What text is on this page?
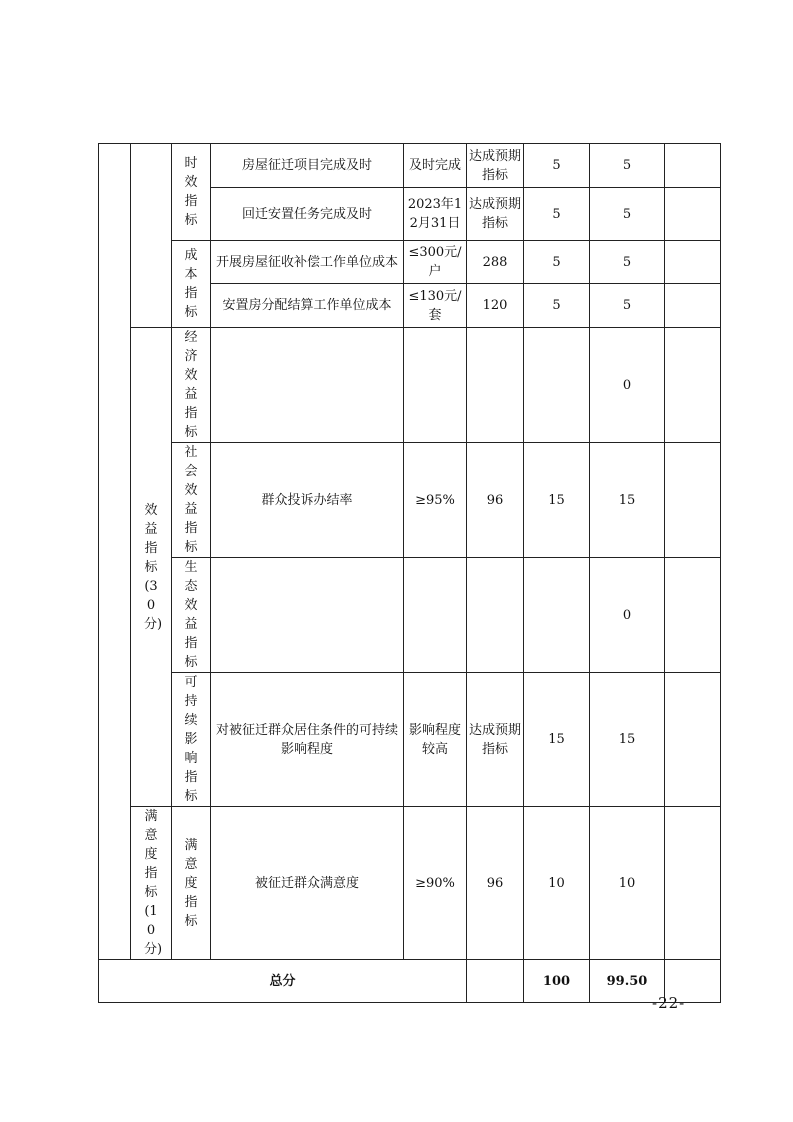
		时效指标	房屋征迁项目完成及时	及时完成	达成预期指标	5	5	
			回迁安置任务完成及时	2023年12月31日	达成预期指标	5	5	
		成本指标	开展房屋征收补偿工作单位成本	≤300元/户	288	5	5	
			安置房分配结算工作单位成本	≤130元/套	120	5	5	
	效益指标(30分)	经济效益指标					0	
		社会效益指标	群众投诉办结率	≥95%	96	15	15	
		生态效益指标					0	
		可持续影响指标	对被征迁群众居住条件的可持续影响程度	影响程度较高	达成预期指标	15	15	
	满意度指标(10分)	满意度指标	被征迁群众满意度	≥90%	96	10	10	
总分						100	99.50	
-22-
